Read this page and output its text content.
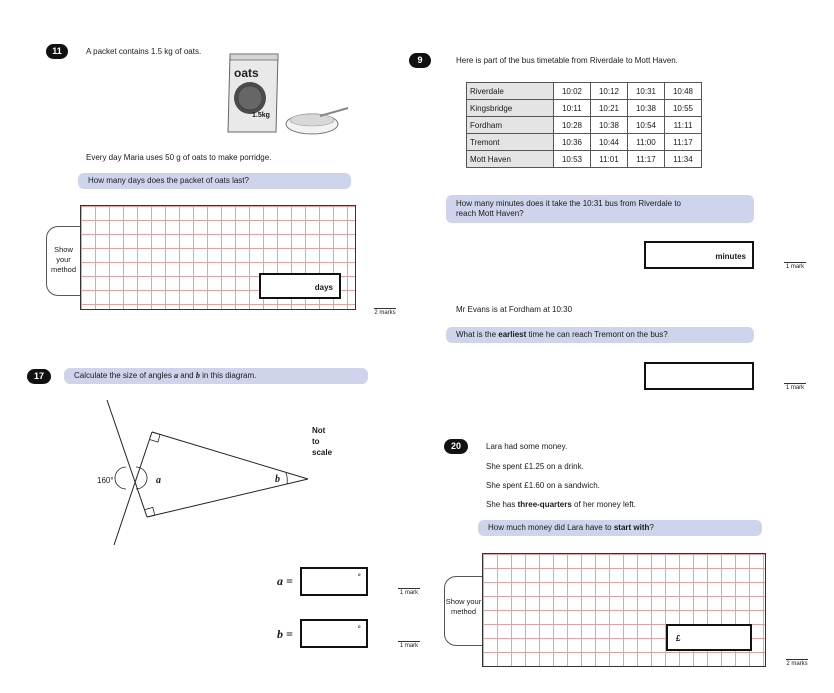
11	A packet contains 1.5 kg of oats.
oats
1.5kg
Every day Maria uses 50 g of oats to make porridge.
How many days does the packet of oats last?
Show your method
days
2 marks
9	Here is part of the bus timetable from Riverdale to Mott Haven.
Riverdale	10:02	10:12	10:31	10:48
Kingsbridge	10:11	10:21	10:38	10:55
Fordham	10:28	10:38	10:54	11:11
Tremont	10:36	10:44	11:00	11:17
Mott Haven	10:53	11:01	11:17	11:34
How many minutes does it take the 10:31 bus from Riverdale to
reach Mott Haven?
minutes
1 mark
Mr Evans is at Fordham at 10:30
What is the earliest time he can reach Tremont on the bus?
1 mark
17	Calculate the size of angles a and b in this diagram.
Not
to
scale
160°	a	b
a =	°
1 mark
b =	°
1 mark
20	Lara had some money.
She spent £1.25 on a drink.
She spent £1.60 on a sandwich.
She has three-quarters of her money left.
How much money did Lara have to start with?
Show your method
£
2 marks
